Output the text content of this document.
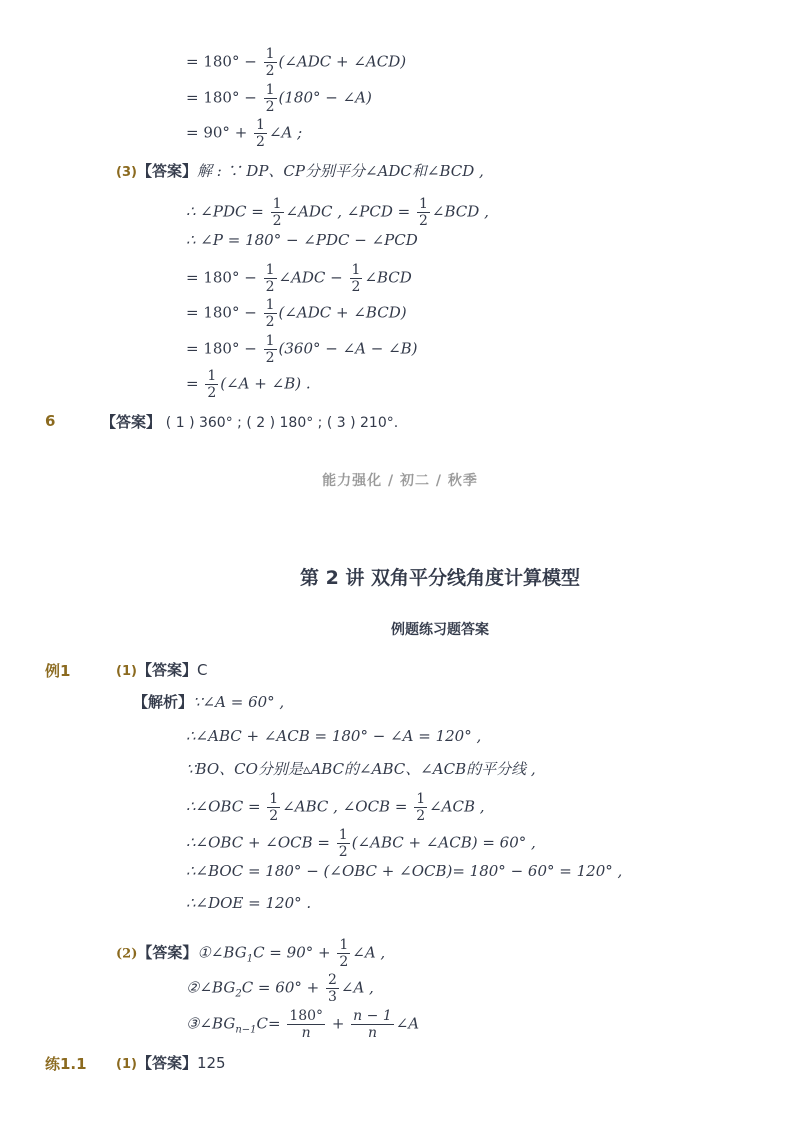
= $180^\circ - \frac{1}{2}$ (∠ADC + ∠ACD)
= $180^\circ - \frac{1}{2} (180^\circ$ − ∠A)
= $90^\circ + \frac{1}{2}$ ∠A ;
(3)【答案】解 : ∵ DP、CP分别平分∠ADC和∠BCD ,
∴ ∠PDC = $\frac{1}{2}$ ∠ADC , ∠PCD = $\frac{1}{2}$ ∠BCD ,
∴ ∠P = 180° − ∠PDC − ∠PCD
= $180^\circ - \frac{1}{2}$ ∠ADC − $\frac{1}{2}$ ∠BCD
= $180^\circ - \frac{1}{2}$ (∠ADC + ∠BCD)
= $180^\circ - \frac{1}{2} (360^\circ$ − ∠A − ∠B)
= $\frac{1}{2}$ (∠A + ∠B) .
6	【答案】 ( 1 ) 360° ; ( 2 ) 180° ; ( 3 ) 210°.
能力强化 / 初二 / 秋季
第 2 讲 双角平分线角度计算模型
例题练习题答案
例1	(1)【答案】C
【解析】∵∠A = 60° ,
∴∠ABC + ∠ACB = 180° − ∠A = 120° ,
∵BO、CO分别是▵ABC的∠ABC、∠ACB的平分线 ,
∴∠OBC = $\frac{1}{2}$ ∠ABC , ∠OCB = $\frac{1}{2}$ ∠ACB ,
∴∠OBC + ∠OCB = $\frac{1}{2}$ (∠ABC + ∠ACB) = 60° ,
∴∠BOC = 180° − (∠OBC + ∠OCB)= 180° − 60° = 120° ,
∴∠DOE = 120° .
(2)【答案】$①\angle BG_1C = 90^\circ + \frac{1}{2}$ ∠A ,
$②\angle BG_2C = 60^\circ + \frac{2}{3}$ ∠A ,
$③\angle BG_{n-1}C= \frac{180^\circ}{n} + \frac{n - 1}{n}$ ∠A
练1.1 (1)【答案】125
